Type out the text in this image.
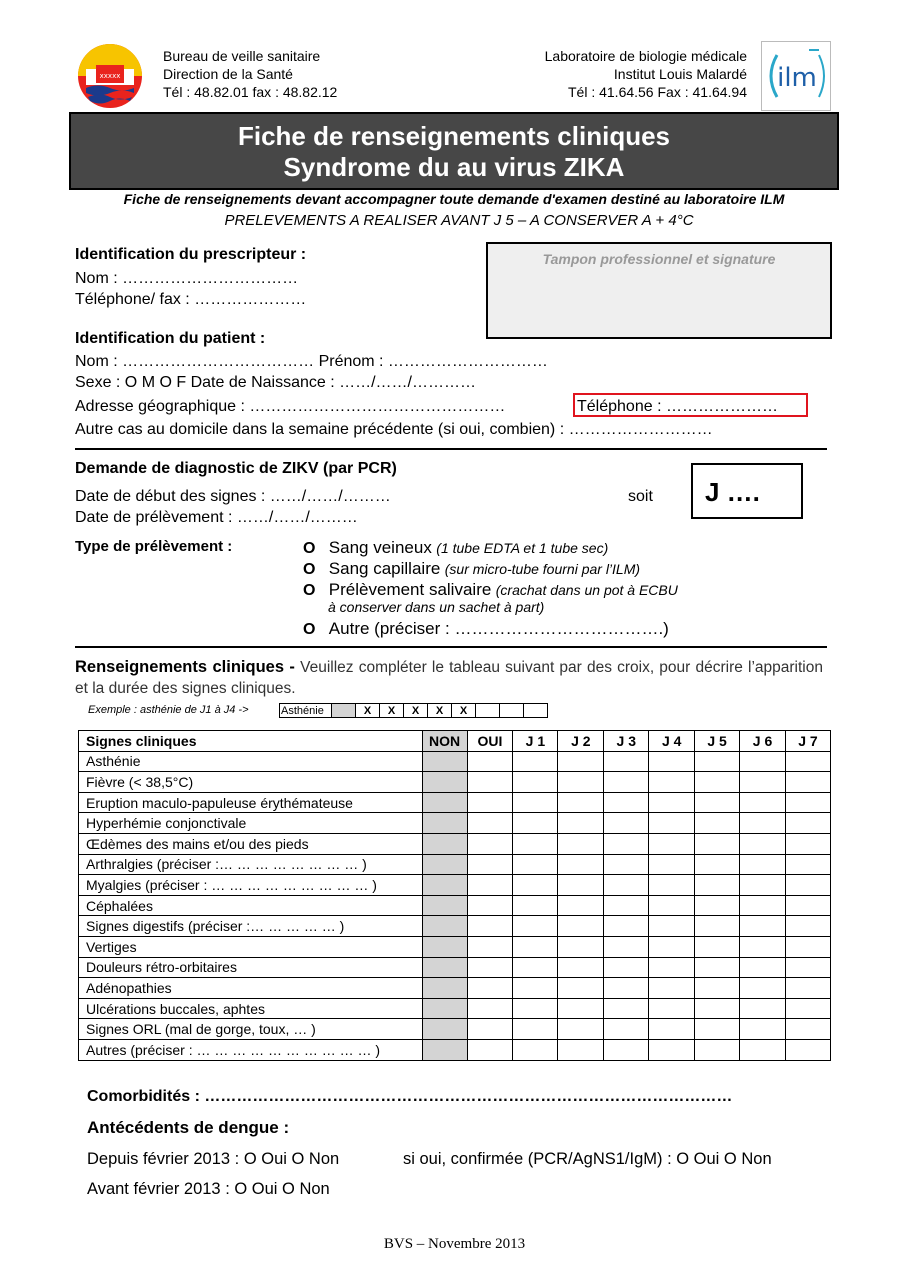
xxxxx
Bureau de veille sanitaire
Direction de la Santé
Tél : 48.82.01 fax : 48.82.12
Laboratoire de biologie médicale
Institut Louis Malardé
Tél : 41.64.56 Fax : 41.64.94 ilm
Fiche de renseignements cliniques
Syndrome du au virus ZIKA
Fiche de renseignements devant accompagner toute demande d'examen destiné au laboratoire ILM
PRELEVEMENTS A REALISER AVANT J 5 – A CONSERVER A + 4°C
Identification du prescripteur :
Nom : ……………………………
Téléphone/ fax : …………………
Tampon professionnel et signature
Identification du patient :
Nom : ……………………………… Prénom : …………………………
Sexe : O M O F Date de Naissance : ……/……/…………
Adresse géographique : …………………………………………	Téléphone : …………………
Autre cas au domicile dans la semaine précédente (si oui, combien) : ………………………
Demande de diagnostic de ZIKV (par PCR)
Date de début des signes : ……/……/………
Date de prélèvement : ……/……/………
soit	J ….
Type de prélèvement :	O Sang veineux (1 tube EDTA et 1 tube sec)
O Sang capillaire (sur micro-tube fourni par l’ILM)
O Prélèvement salivaire (crachat dans un pot à ECBU
à conserver dans un sachet à part)
O Autre (préciser : ……………………………….)
Renseignements cliniques - Veuillez compléter le tableau suivant par des croix, pour décrire l’apparition et la durée des signes cliniques.
Exemple : asthénie de J1 à J4 ->	Asthénie		X	X	X	X	X			
Signes cliniques	NON	OUI	J 1	J 2	J 3	J 4	J 5	J 6	J 7
Asthénie									
Fièvre (< 38,5°C)									
Eruption maculo-papuleuse érythémateuse									
Hyperhémie conjonctivale									
Œdèmes des mains et/ou des pieds									
Arthralgies (préciser :… … … … … … … … )									
Myalgies (préciser : … … … … … … … … … )									
Céphalées									
Signes digestifs (préciser :… … … … … )									
Vertiges									
Douleurs rétro-orbitaires									
Adénopathies									
Ulcérations buccales, aphtes									
Signes ORL (mal de gorge, toux, … )									
Autres (préciser : … … … … … … … … … … )									
Comorbidités : ………………………………………………………………………………………
Antécédents de dengue :
Depuis février 2013 : O Oui O Non	si oui, confirmée (PCR/AgNS1/IgM) : O Oui O Non
Avant février 2013 : O Oui O Non
BVS – Novembre 2013
